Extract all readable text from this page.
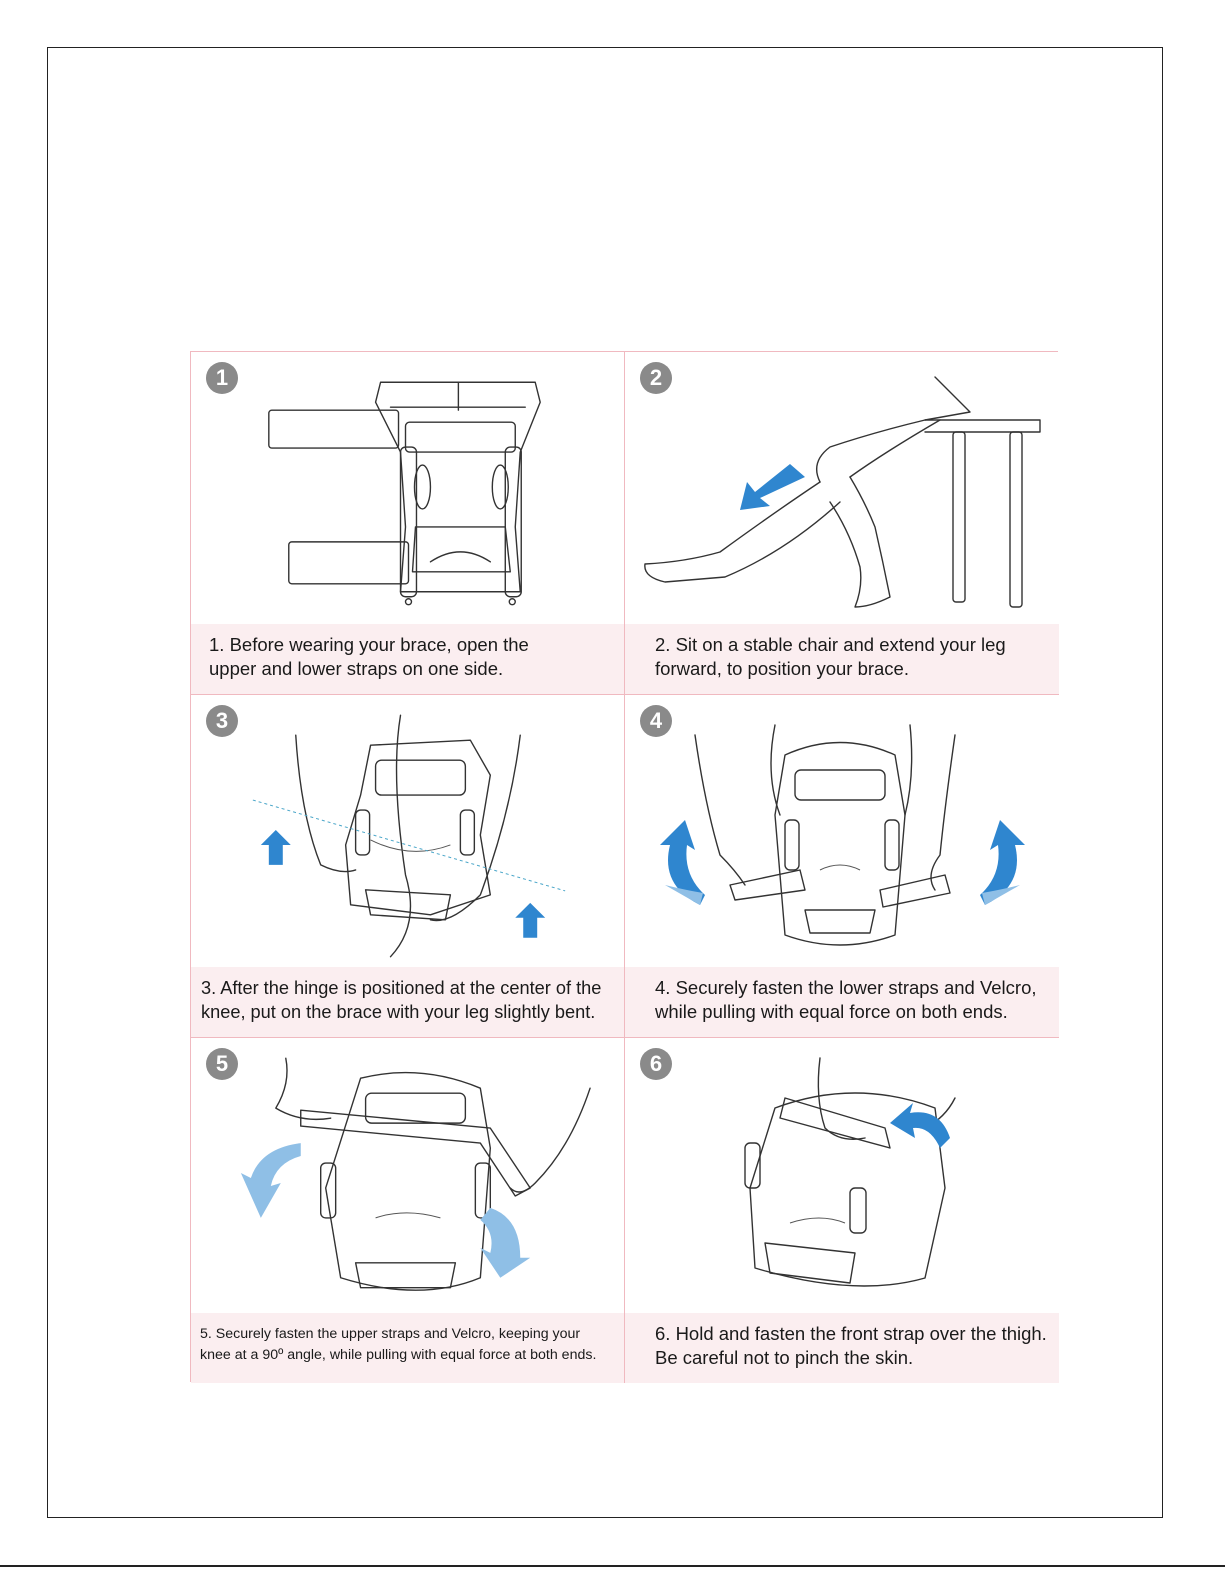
1
1. Before wearing your brace, open the
upper and lower straps on one side.
2
2. Sit on a stable chair and extend your leg
forward, to position your brace.
3
3. After the hinge is positioned at the center of the
knee, put on the brace with your leg slightly bent.
4
4. Securely fasten the lower straps and Velcro,
while pulling with equal force on both ends.
5
5. Securely fasten the upper straps and Velcro, keeping your
knee at a 90º angle, while pulling with equal force at both ends.
6
6. Hold and fasten the front strap over the thigh.
Be careful not to pinch the skin.
